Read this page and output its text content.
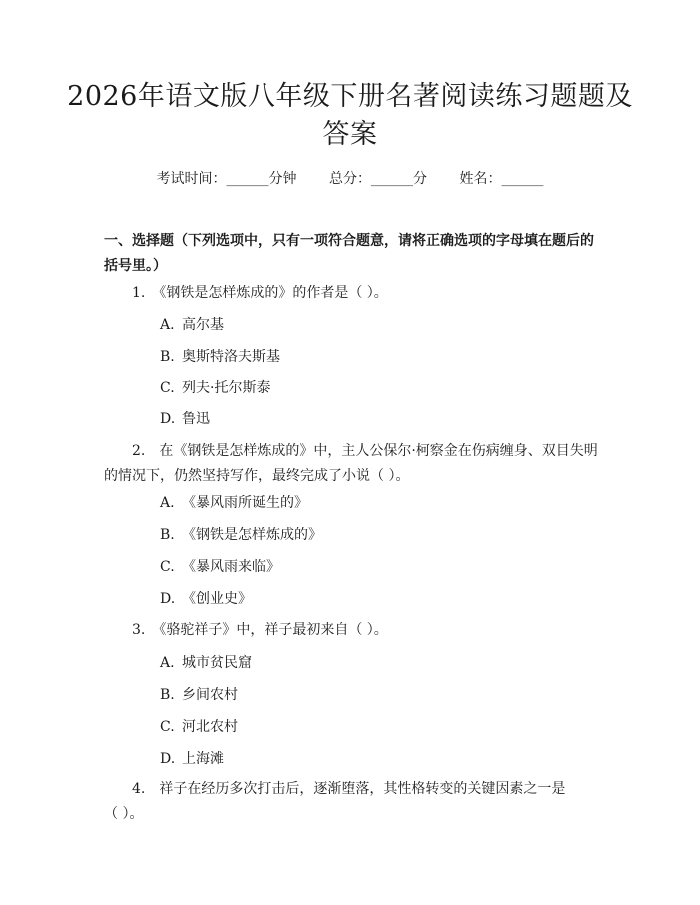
2026年语文版八年级下册名著阅读练习题题及答案
考试时间：______分钟 总分：______分 姓名：______
一、选择题（下列选项中，只有一项符合题意，请将正确选项的字母填在题后的括号里。）
1.　《钢铁是怎样炼成的》的作者是（ ）。
A. 高尔基
B. 奥斯特洛夫斯基
C. 列夫·托尔斯泰
D. 鲁迅
2.　在《钢铁是怎样炼成的》中，主人公保尔·柯察金在伤病缠身、双目失明的情况下，仍然坚持写作，最终完成了小说（ ）。
A. 《暴风雨所诞生的》
B. 《钢铁是怎样炼成的》
C. 《暴风雨来临》
D. 《创业史》
3.　《骆驼祥子》中，祥子最初来自（ ）。
A. 城市贫民窟
B. 乡间农村
C. 河北农村
D. 上海滩
4.　祥子在经历多次打击后，逐渐堕落，其性格转变的关键因素之一是（ ）。
